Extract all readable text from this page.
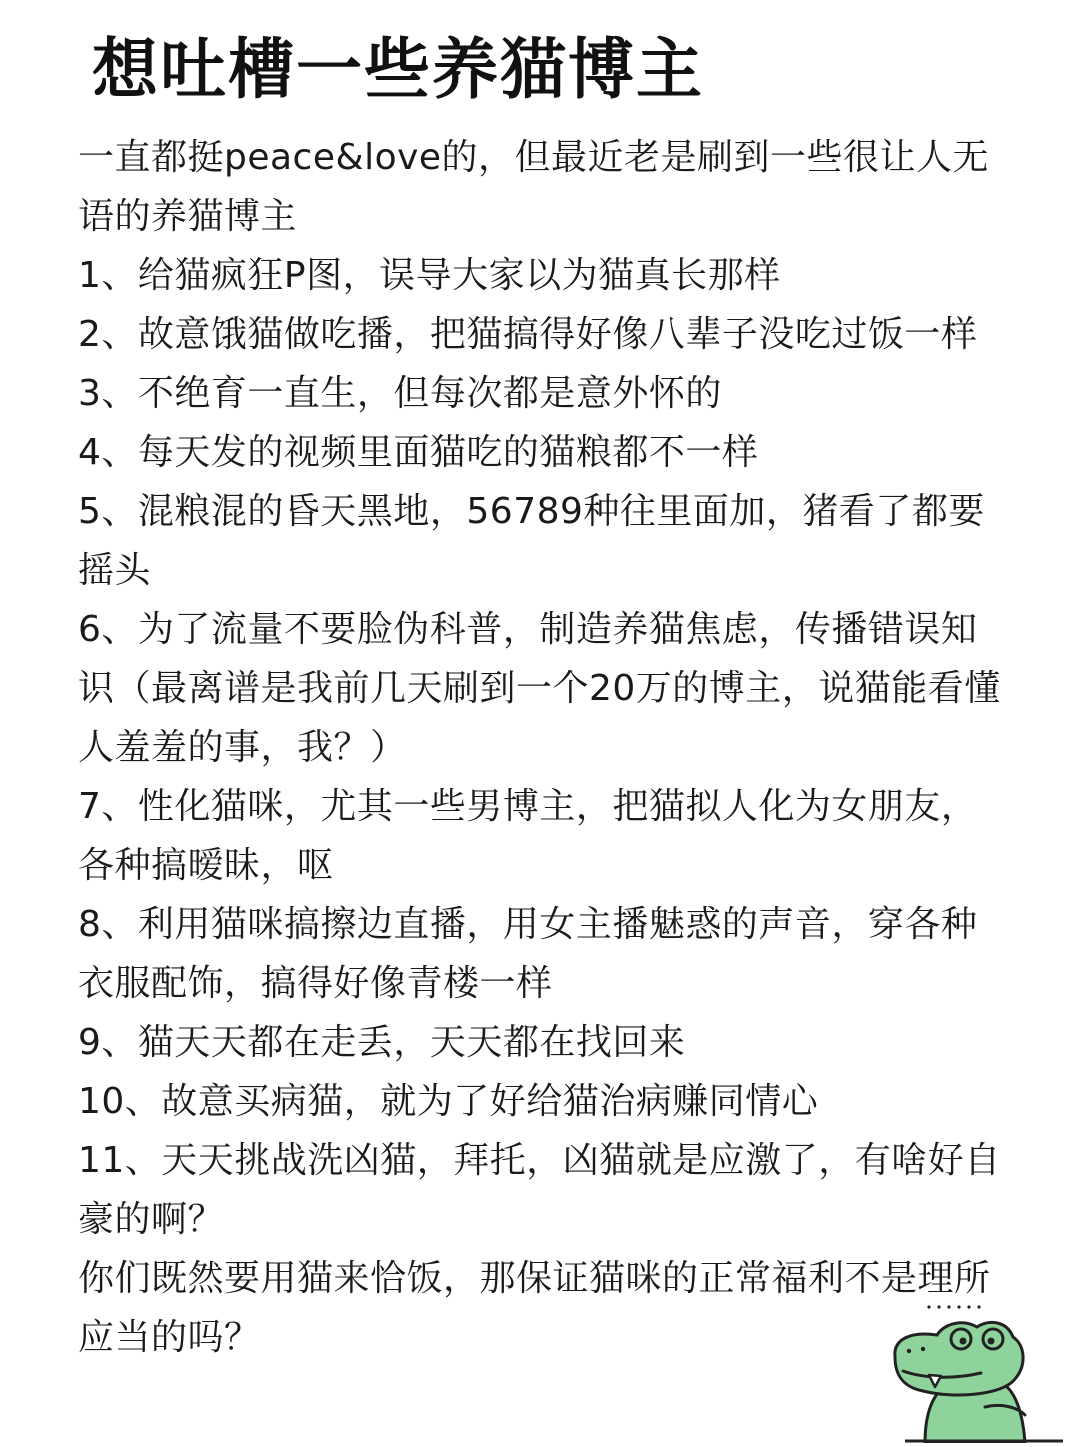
想吐槽一些养猫博主

一直都挺peace&love的，但最近老是刷到一些很让人无语的养猫博主

1、给猫疯狂P图，误导大家以为猫真长那样

2、故意饿猫做吃播，把猫搞得好像八辈子没吃过饭一样

3、不绝育一直生，但每次都是意外怀的

4、每天发的视频里面猫吃的猫粮都不一样

5、混粮混的昏天黑地，56789种往里面加，猪看了都要摇头

6、为了流量不要脸伪科普，制造养猫焦虑，传播错误知识（最离谱是我前几天刷到一个20万的博主，说猫能看懂人羞羞的事，我？）

7、性化猫咪，尤其一些男博主，把猫拟人化为女朋友，各种搞暧昧，呕

8、利用猫咪搞擦边直播，用女主播魅惑的声音，穿各种衣服配饰，搞得好像青楼一样

9、猫天天都在走丢，天天都在找回来

10、故意买病猫，就为了好给猫治病赚同情心

11、天天挑战洗凶猫，拜托，凶猫就是应激了，有啥好自豪的啊？

你们既然要用猫来恰饭，那保证猫咪的正常福利不是理所应当的吗？
